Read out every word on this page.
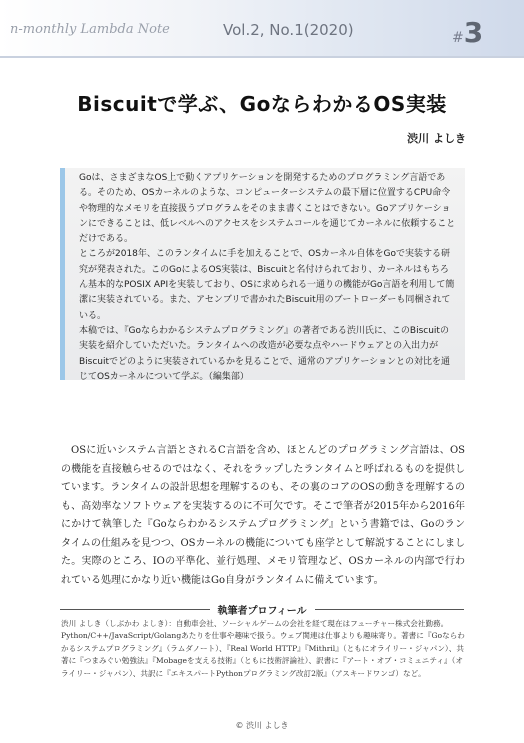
n-monthly Lambda Note	Vol.2, No.1(2020)	#3
Biscuitで学ぶ、GoならわかるOS実装
渋川 よしき

Goは、さまざまなOS上で動くアプリケーションを開発するためのプログラミング言語である。そのため、OSカーネルのような、コンピューターシステムの最下層に位置するCPU命令や物理的なメモリを直接扱うプログラムをそのまま書くことはできない。Goアプリケーションにできることは、低レベルへのアクセスをシステムコールを通じてカーネルに依頼することだけである。

ところが2018年、このランタイムに手を加えることで、OSカーネル自体をGoで実装する研究が発表された。このGoによるOS実装は、Biscuitと名付けられており、カーネルはもちろん基本的なPOSIX APIを実装しており、OSに求められる一通りの機能がGo言語を利用して簡潔に実装されている。また、アセンブリで書かれたBiscuit用のブートローダーも同梱されている。

本稿では、『Goならわかるシステムプログラミング』の著者である渋川氏に、このBiscuitの実装を紹介していただいた。ランタイムへの改造が必要な点やハードウェアとの入出力がBiscuitでどのように実装されているかを見ることで、通常のアプリケーションとの対比を通じてOSカーネルについて学ぶ。（編集部）

OSに近いシステム言語とされるC言語を含め、ほとんどのプログラミング言語は、OSの機能を直接触らせるのではなく、それをラップしたランタイムと呼ばれるものを提供しています。ランタイムの設計思想を理解するのも、その裏のコアのOSの動きを理解するのも、高効率なソフトウェアを実装するのに不可欠です。そこで筆者が2015年から2016年にかけて執筆した『Goならわかるシステムプログラミング』という書籍では、Goのランタイムの仕組みを見つつ、OSカーネルの機能についても座学として解説することにしました。実際のところ、IOの平準化、並行処理、メモリ管理など、OSカーネルの内部で行われている処理にかなり近い機能はGo自身がランタイムに備えています。

執筆者プロフィール

渋川 よしき（しぶかわ よしき）：自動車会社、ソーシャルゲームの会社を経て現在はフューチャー株式会社勤務。Python/C++/JavaScript/Golangあたりを仕事や趣味で扱う。ウェブ関連は仕事よりも趣味寄り。著書に『Goならわかるシステムプログラミング』（ラムダノート）、『Real World HTTP』『Mithril』（ともにオライリー・ジャパン）、共著に『つまみぐい勉強法』『Mobageを支える技術』（ともに技術評論社）、訳書に『アート・オブ・コミュニティ』（オライリー・ジャパン）、共訳に『エキスパートPythonプログラミング改訂2版』（アスキードワンゴ）など。

© 渋川 よしき
